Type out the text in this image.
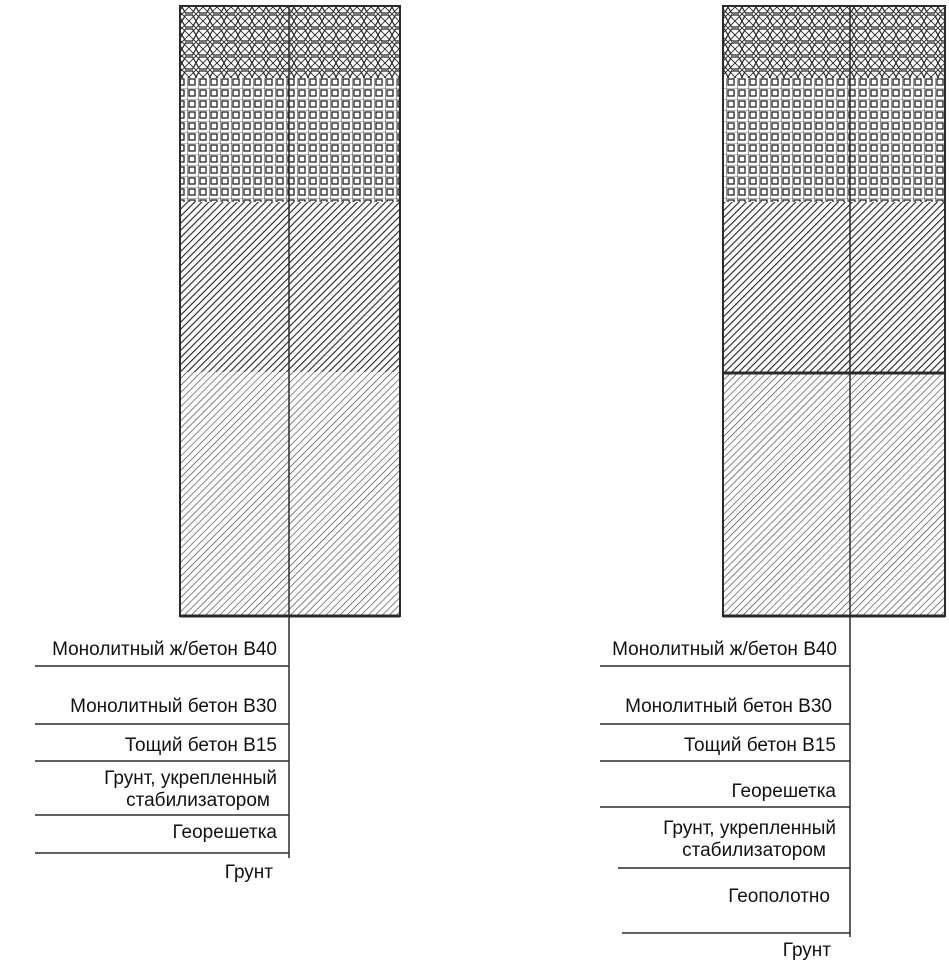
Монолитный ж/бетон В40
Монолитный бетон В30
Тощий бетон В15
Грунт, укрепленный
стабилизатором
Георешетка
Грунт
Монолитный ж/бетон В40
Монолитный бетон В30
Тощий бетон В15
Георешетка
Грунт, укрепленный
стабилизатором
Геополотно
Грунт
